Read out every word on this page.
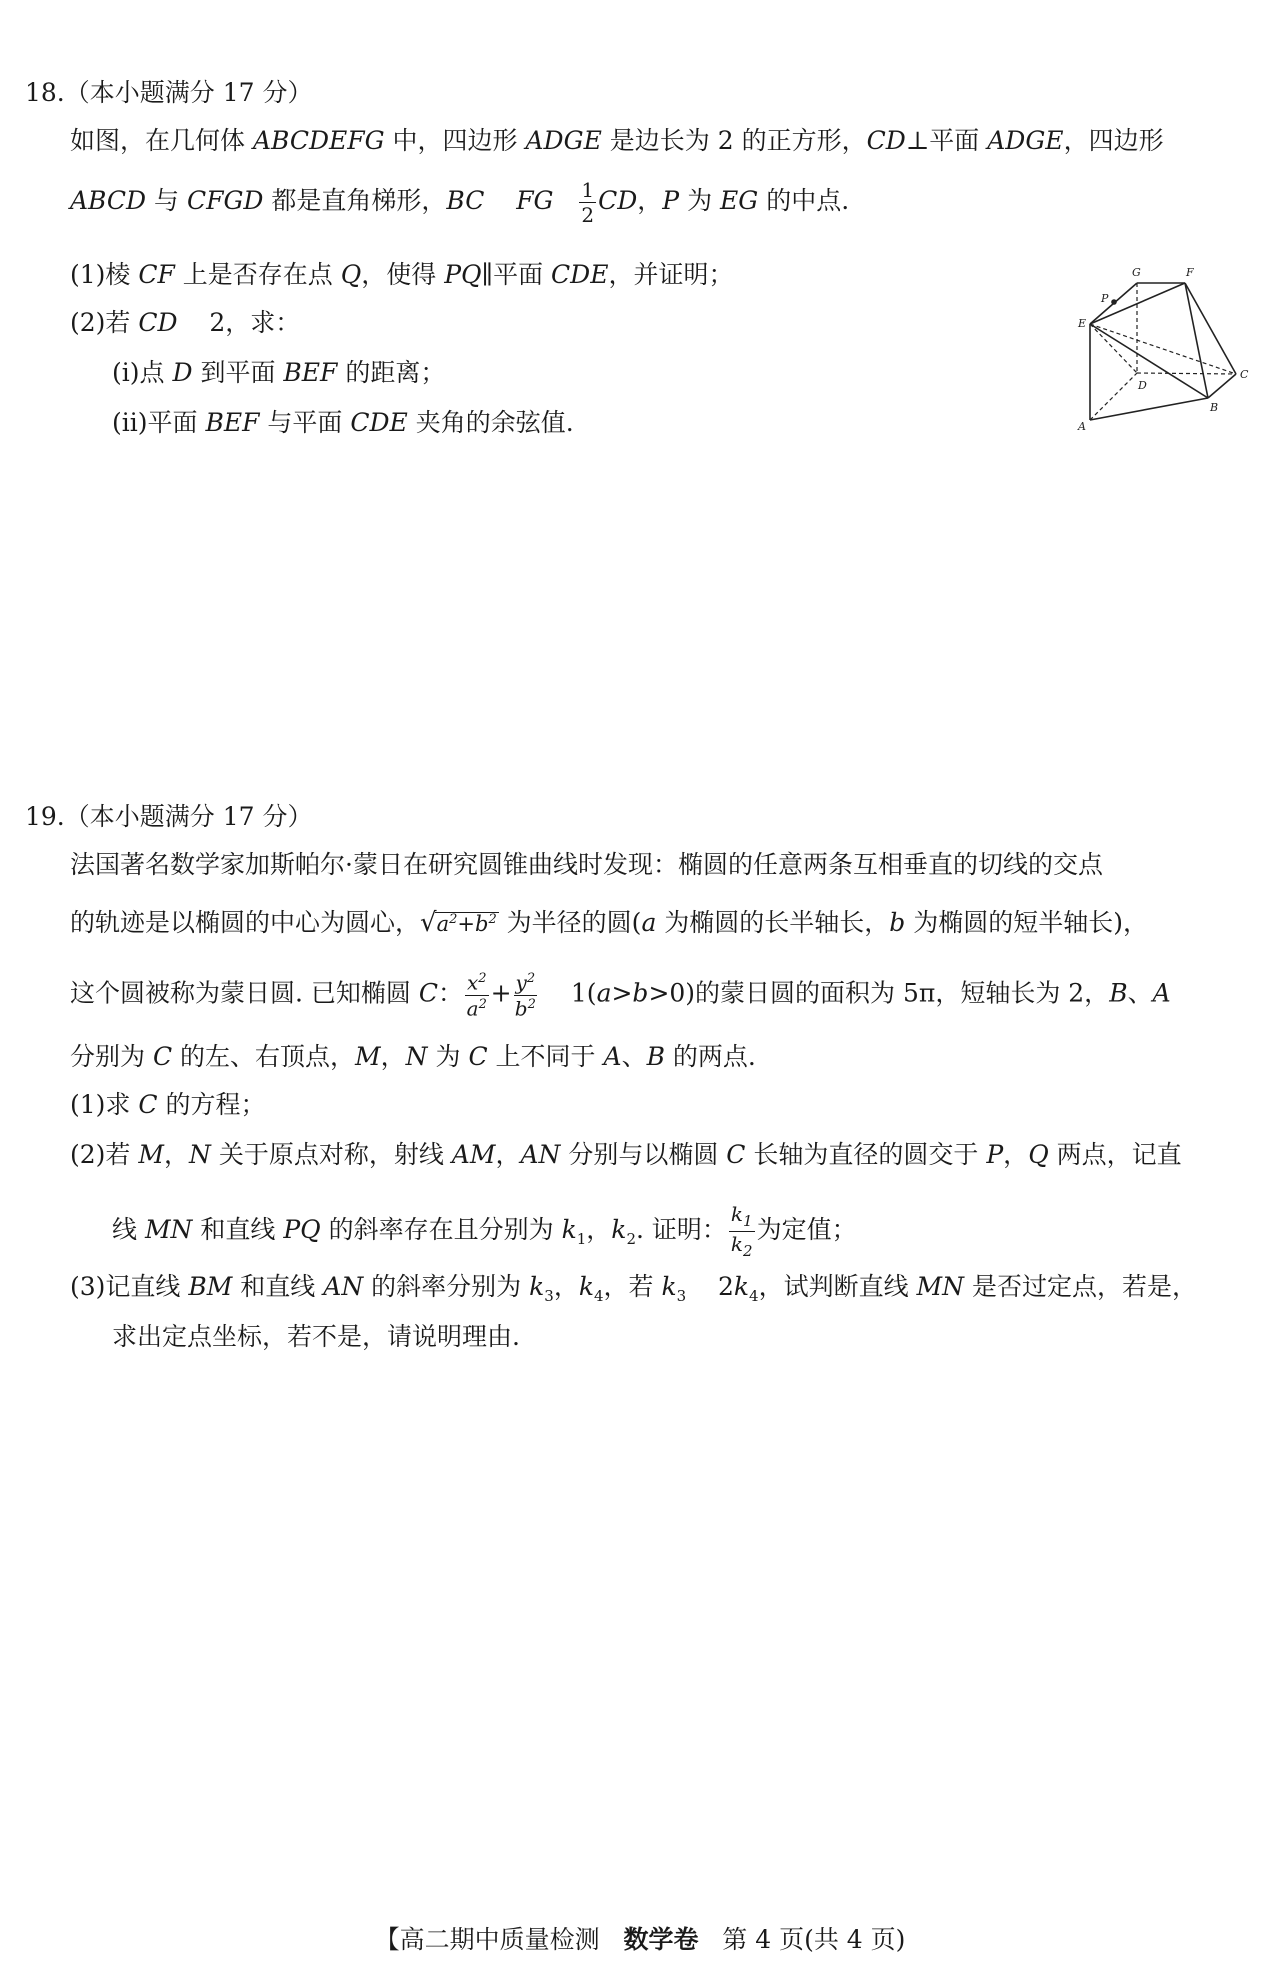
18.（本小题满分 17 分）
如图，在几何体 ABCDEFG 中，四边形 ADGE 是边长为 2 的正方形，CD⊥平面 ADGE，四边形
ABCD 与 CFGD 都是直角梯形，BC FG $\frac{1}{2}$ CD，P 为 EG 的中点.
(1)棱 CF 上是否存在点 Q，使得 PQ∥平面 CDE，并证明；
(2)若 CD    2，求：
(i)点 D 到平面 BEF 的距离；
(ii)平面 BEF 与平面 CDE 夹角的余弦值.
G	F
P
E
D
C
B
A
19.（本小题满分 17 分）
法国著名数学家加斯帕尔·蒙日在研究圆锥曲线时发现：椭圆的任意两条互相垂直的切线的交点
的轨迹是以椭圆的中心为圆心，$√a^2+b^2$ 为半径的圆(a 为椭圆的长半轴长，b 为椭圆的短半轴长)，
这个圆被称为蒙日圆. 已知椭圆 C： $\frac{x^2}{a^2} + \frac{y^2}{b^2} 1(a>b>0)$的蒙日圆的面积为 5π，短轴长为 2，B、A
分别为 C 的左、右顶点，M，N 为 C 上不同于 A、B 的两点.
(1)求 C 的方程；
(2)若 M，N 关于原点对称，射线 AM，AN 分别与以椭圆 C 长轴为直径的圆交于 P，Q 两点，记直
线 MN 和直线 PQ 的斜率存在且分别为 $k_1$，$k_2$. 证明： $\frac{k_1}{k_2}$ 为定值；
(3)记直线 BM 和直线 AN 的斜率分别为 $k_3$，$k_4$，若 $k_3$    $2k_4$，试判断直线 MN 是否过定点，若是，
求出定点坐标，若不是，请说明理由.
【高二期中质量检测 数学卷 第 4 页(共 4 页)
